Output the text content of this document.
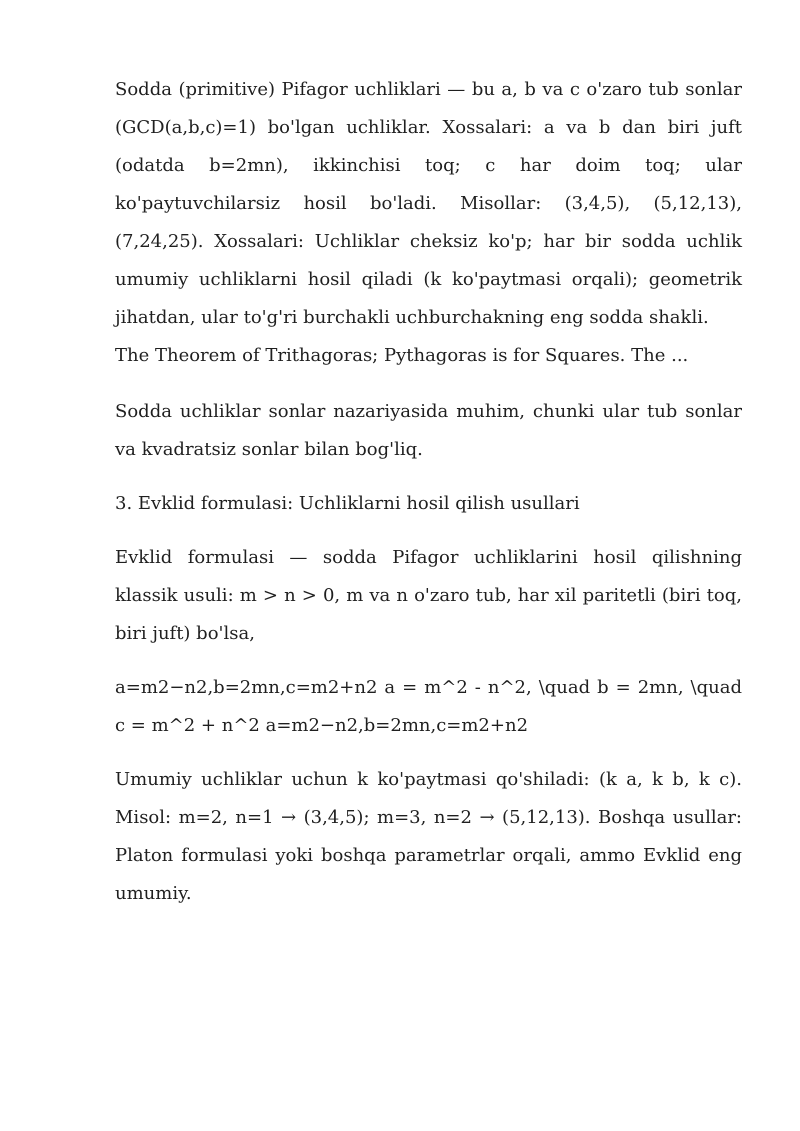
Sodda (primitive) Pifagor uchliklari — bu a, b va c o'zaro tub sonlar (GCD(a,b,c)=1) bo'lgan uchliklar. Xossalari: a va b dan biri juft (odatda b=2mn), ikkinchisi toq; c har doim toq; ular ko'paytuvchilarsiz hosil bo'ladi. Misollar: (3,4,5), (5,12,13), (7,24,25). Xossalari: Uchliklar cheksiz ko'p; har bir sodda uchlik umumiy uchliklarni hosil qiladi (k ko'paytmasi orqali); geometrik jihatdan, ular to'g'ri burchakli uchburchakning eng sodda shakli.

The Theorem of Trithagoras; Pythagoras is for Squares. The ...

Sodda uchliklar sonlar nazariyasida muhim, chunki ular tub sonlar va kvadratsiz sonlar bilan bog'liq.

3. Evklid formulasi: Uchliklarni hosil qilish usullari

Evklid formulasi — sodda Pifagor uchliklarini hosil qilishning klassik usuli: m > n > 0, m va n o'zaro tub, har xil paritetli (biri toq, biri juft) bo'lsa,

a=m2−n2,b=2mn,c=m2+n2 a = m^2 - n^2, \quad b = 2mn, \quad c = m^2 + n^2 a=m2−n2,b=2mn,c=m2+n2

Umumiy uchliklar uchun k ko'paytmasi qo'shiladi: (k a, k b, k c). Misol: m=2, n=1 → (3,4,5); m=3, n=2 → (5,12,13). Boshqa usullar: Platon formulasi yoki boshqa parametrlar orqali, ammo Evklid eng umumiy.
